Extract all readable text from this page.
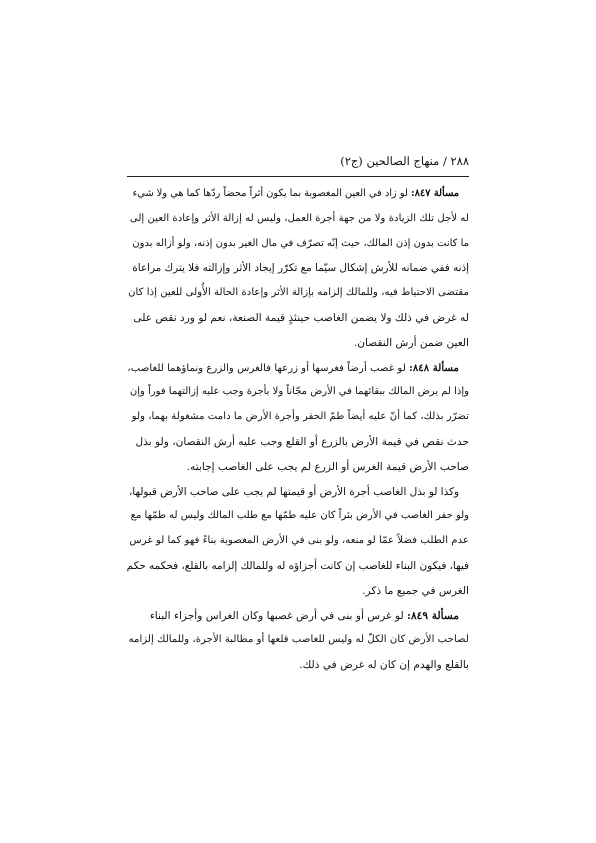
٢٨٨ / منهاج الصالحين (ج٢)
مسألة ٨٤٧: لو زاد في العين المغصوبة بما يكون أثراً محضاً ردّها كما هي ولا شيء
له لأجل تلك الزيادة ولا من جهة أجرة العمل، وليس له إزالة الأثر وإعادة العين إلى
ما كانت بدون إذن المالك، حيث إنّه تصرّف في مال الغير بدون إذنه، ولو أزاله بدون
إذنه ففي ضمانه للأرش إشكال سيّما مع تكرّر إيجاد الأثر وإزالته فلا يترك مراعاة
مقتضى الاحتياط فيه، وللمالك إلزامه بإزالة الأثر وإعادة الحالة الأُولى للعين إذا كان
له غرض في ذلك ولا يضمن الغاصب حينئذٍ قيمة الصنعة، نعم لو ورد نقص على
العين ضمن أرش النقصان.
مسألة ٨٤٨: لو غصب أرضاً فغرسها أو زرعها فالغرس والزرع ونماؤهما للغاصب،
وإذا لم يرض المالك ببقائهما في الأرض مجّاناً ولا بأجرة وجب عليه إزالتهما فوراً وإن
تضرّر بذلك، كما أنّ عليه أيضاً طمّ الحفر وأجرة الأرض ما دامت مشغولة بهما، ولو
حدث نقص في قيمة الأرض بالزرع أو القلع وجب عليه أرش النقصان، ولو بذل
صاحب الأرض قيمة الغرس أو الزرع لم يجب على الغاصب إجابته.
وكذا لو بذل الغاصب أجرة الأرض أو قيمتها لم يجب على صاحب الأرض قبولها،
ولو حفر الغاصب في الأرض بئراً كان عليه طمّها مع طلب المالك وليس له طمّها مع
عدم الطلب فضلاً عمّا لو منعه، ولو بنى في الأرض المغصوبة بناءً فهو كما لو غرس
فيها، فيكون البناء للغاصب إن كانت أجزاؤه له وللمالك إلزامه بالقلع، فحكمه حكم
الغرس في جميع ما ذكر.
مسألة ٨٤٩: لو غرس أو بنى في أرض غصبها وكان الغراس وأجزاء البناء
لصاحب الأرض كان الكلّ له وليس للغاصب قلعها أو مطالبة الأجرة، وللمالك إلزامه
بالقلع والهدم إن كان له غرض في ذلك.
